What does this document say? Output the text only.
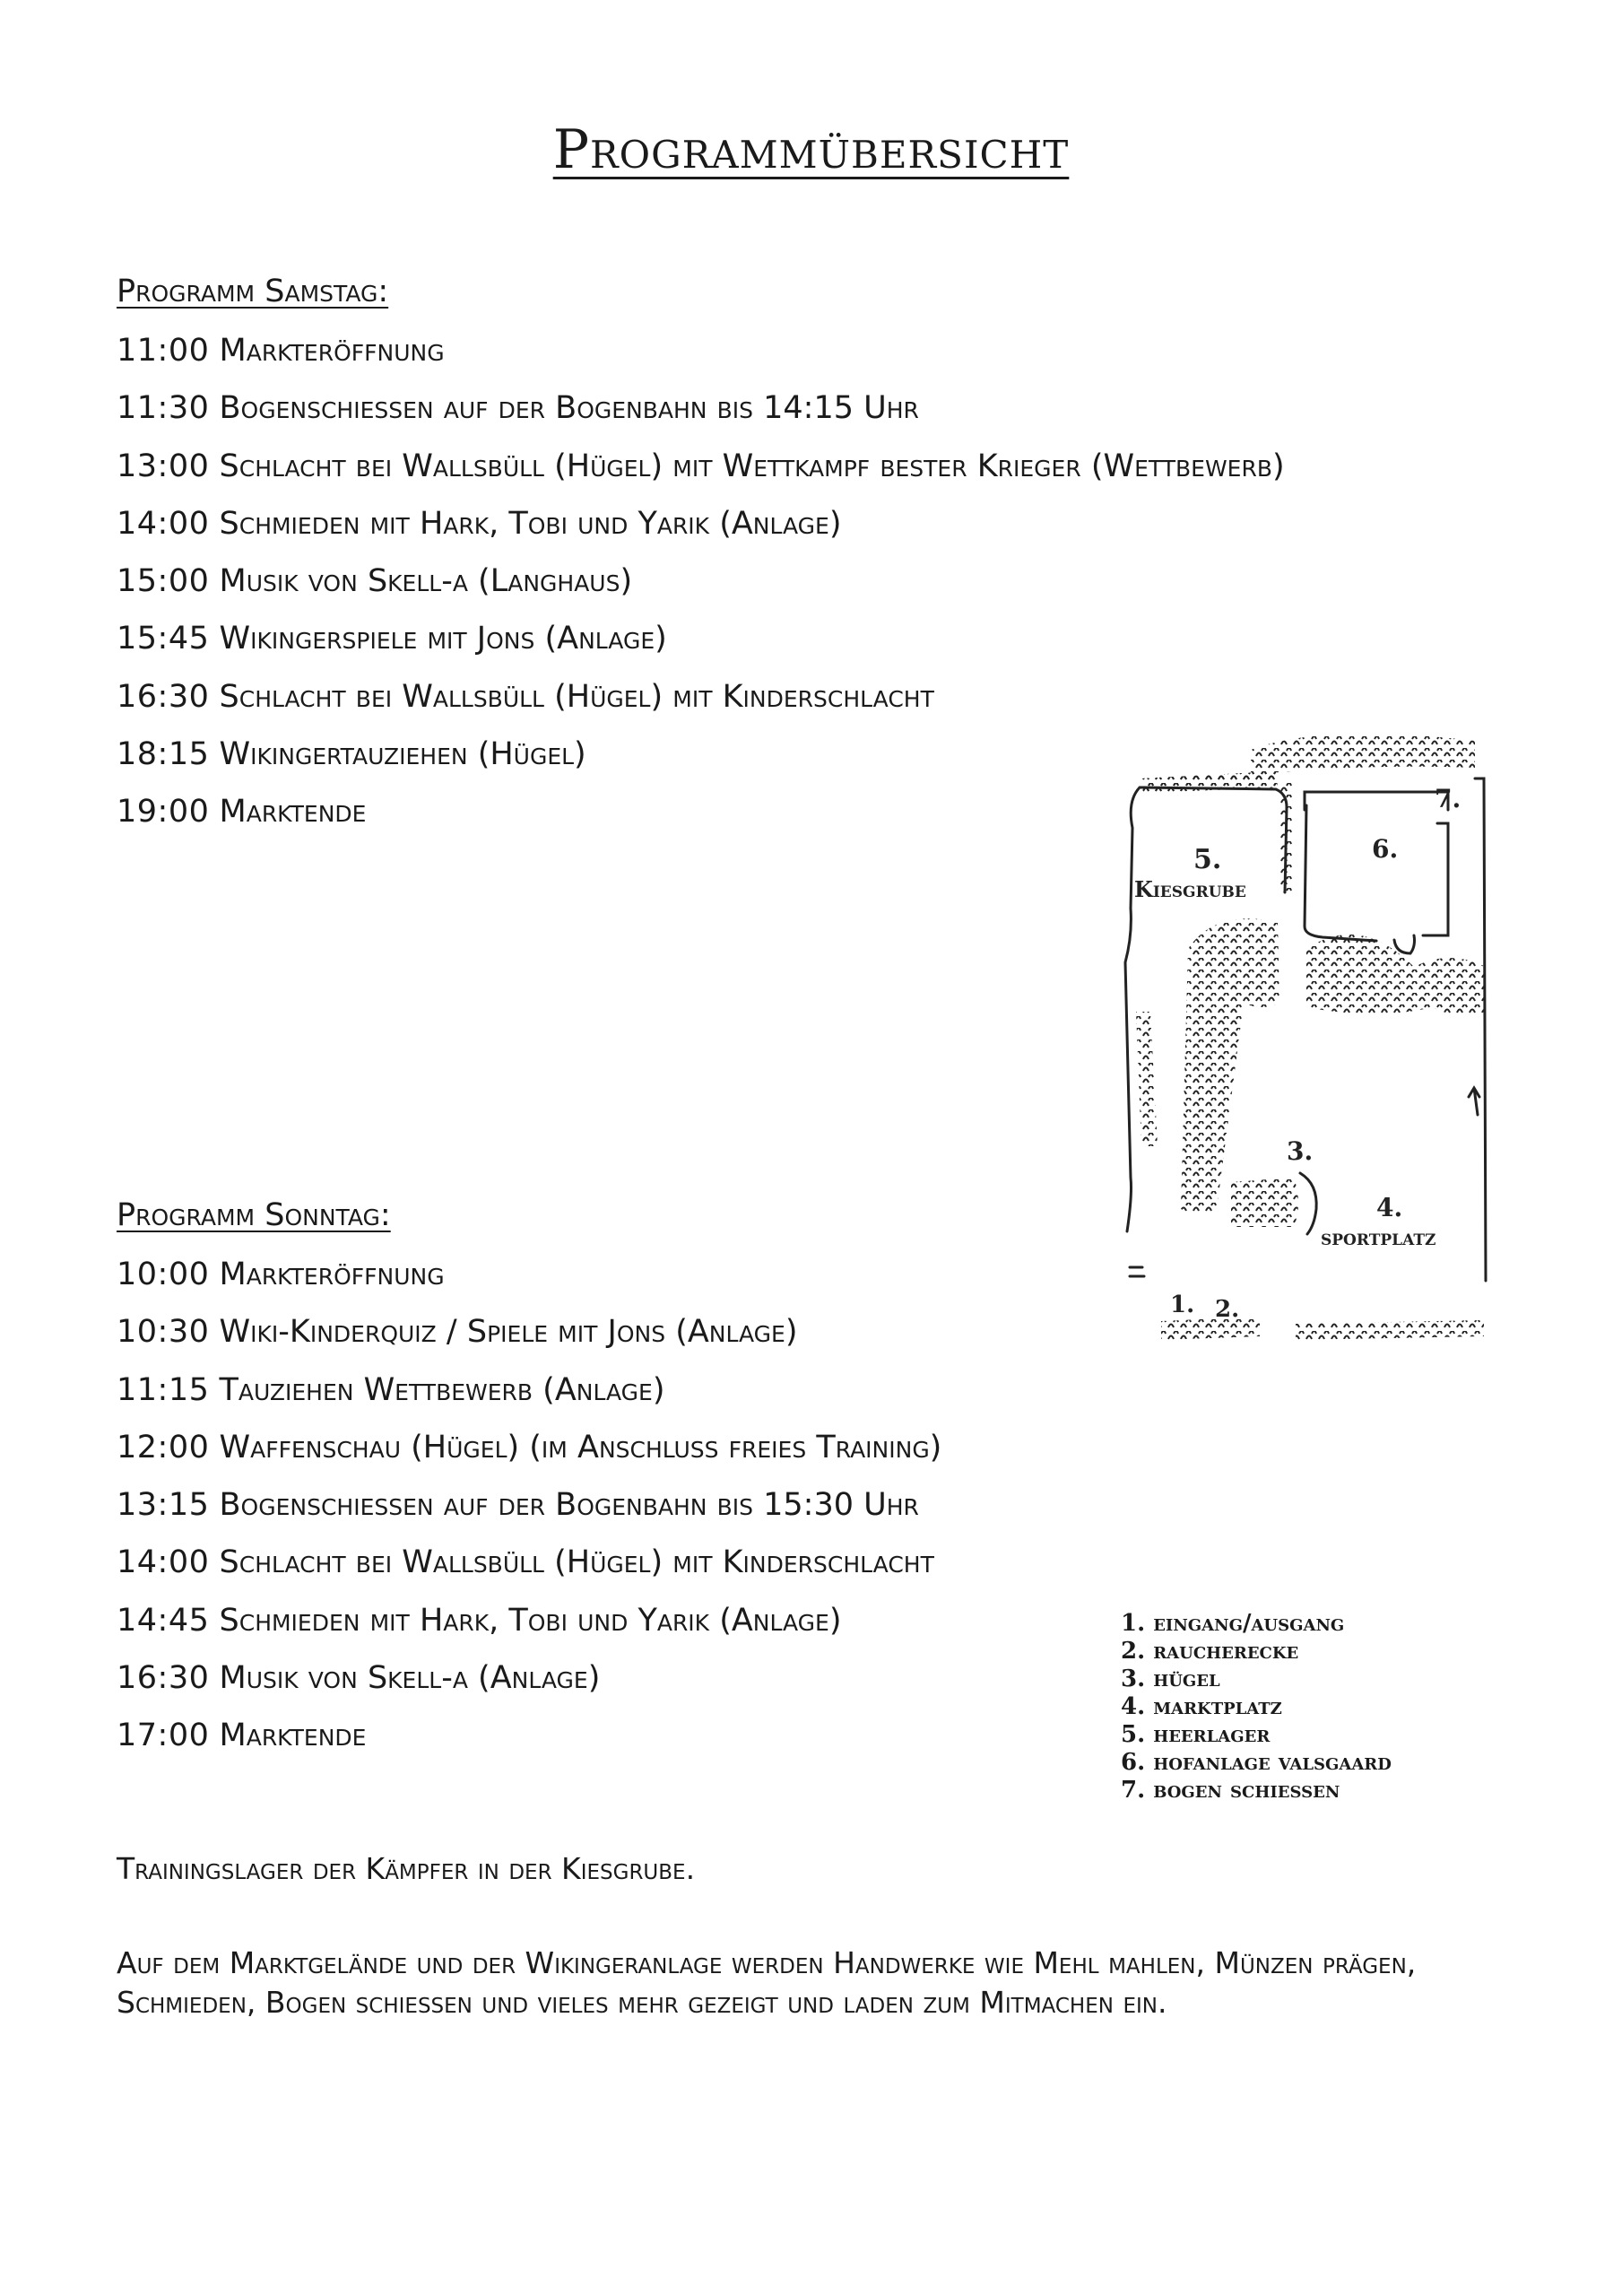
Programmübersicht
Programm Samstag:
11:00 Markteröffnung
11:30 Bogenschiessen auf der Bogenbahn bis 14:15 Uhr
13:00 Schlacht bei Wallsbüll (Hügel) mit Wettkampf bester Krieger (Wettbewerb)
14:00 Schmieden mit Hark, Tobi und Yarik (Anlage)
15:00 Musik von Skell-a (Langhaus)
15:45 Wikingerspiele mit Jons (Anlage)
16:30 Schlacht bei Wallsbüll (Hügel) mit Kinderschlacht
18:15 Wikingertauziehen (Hügel)
19:00 Marktende
Programm Sonntag:
10:00 Markteröffnung
10:30 Wiki-Kinderquiz / Spiele mit Jons (Anlage)
11:15 Tauziehen Wettbewerb (Anlage)
12:00 Waffenschau (Hügel) (im Anschluss freies Training)
13:15 Bogenschiessen auf der Bogenbahn bis 15:30 Uhr
14:00 Schlacht bei Wallsbüll (Hügel) mit Kinderschlacht
14:45 Schmieden mit Hark, Tobi und Yarik (Anlage)
16:30 Musik von Skell-a (Anlage)
17:00 Marktende
Trainingslager der Kämpfer in der Kiesgrube.
Auf dem Marktgelände und der Wikingeranlage werden Handwerke wie Mehl mahlen, Münzen prägen, Schmieden, Bogen schiessen und vieles mehr gezeigt und laden zum Mitmachen ein.
5.
Kiesgrube
6.
7.
3.
4.
sportplatz
1. 2.
1. eingang/ausgang
2. raucherecke
3. hügel
4. marktplatz
5. heerlager
6. hofanlage valsgaard
7. bogen schießen
